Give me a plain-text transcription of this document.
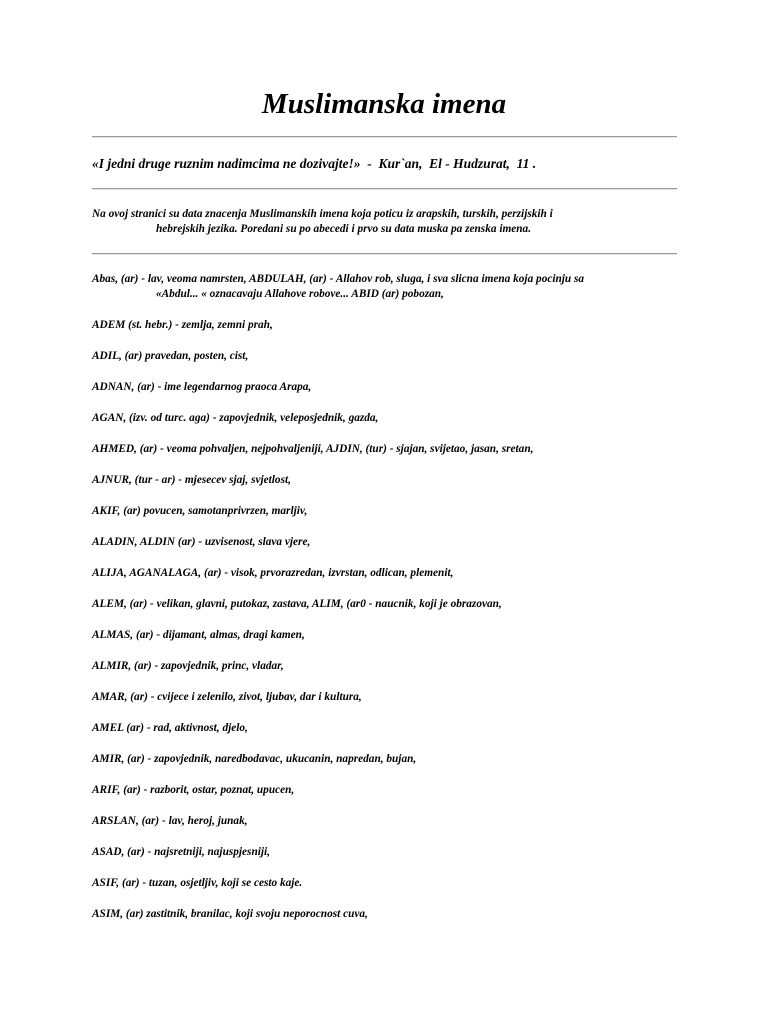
Muslimanska imena

«I jedni druge ruznim nadimcima ne dozivajte!»  -  Kur`an,  El - Hudzurat,  11 .

Na ovoj stranici su data znacenja Muslimanskih imena koja poticu iz arapskih, turskih, perzijskih i
hebrejskih jezika. Poredani su po abecedi i prvo su data muska pa zenska imena.

Abas, (ar) - lav, veoma namrsten, ABDULAH, (ar) - Allahov rob, sluga, i sva slicna imena koja pocinju sa
«Abdul... « oznacavaju Allahove robove... ABID (ar) pobozan,
ADEM (st. hebr.) - zemlja, zemni prah,
ADIL, (ar) pravedan, posten, cist,
ADNAN, (ar) - ime legendarnog praoca Arapa,
AGAN, (izv. od turc. aga) - zapovjednik, veleposjednik, gazda,
AHMED, (ar) - veoma pohvaljen, nejpohvaljeniji, AJDIN, (tur) - sjajan, svijetao, jasan, sretan,
AJNUR, (tur - ar) - mjesecev sjaj, svjetlost,
AKIF, (ar) povucen, samotanprivrzen, marljiv,
ALADIN, ALDIN (ar) - uzvisenost, slava vjere,
ALIJA, AGANALAGA, (ar) - visok, prvorazredan, izvrstan, odlican, plemenit,
ALEM, (ar) - velikan, glavni, putokaz, zastava, ALIM, (ar0 - naucnik, koji je obrazovan,
ALMAS, (ar) - dijamant, almas, dragi kamen,
ALMIR, (ar) - zapovjednik, princ, vladar,
AMAR, (ar) - cvijece i zelenilo, zivot, ljubav, dar i kultura,
AMEL (ar) - rad, aktivnost, djelo,
AMIR, (ar) - zapovjednik, naredbodavac, ukucanin, napredan, bujan,
ARIF, (ar) - razborit, ostar, poznat, upucen,
ARSLAN, (ar) - lav, heroj, junak,
ASAD, (ar) - najsretniji, najuspjesniji,
ASIF, (ar) - tuzan, osjetljiv, koji se cesto kaje.
ASIM, (ar) zastitnik, branilac, koji svoju neporocnost cuva,
